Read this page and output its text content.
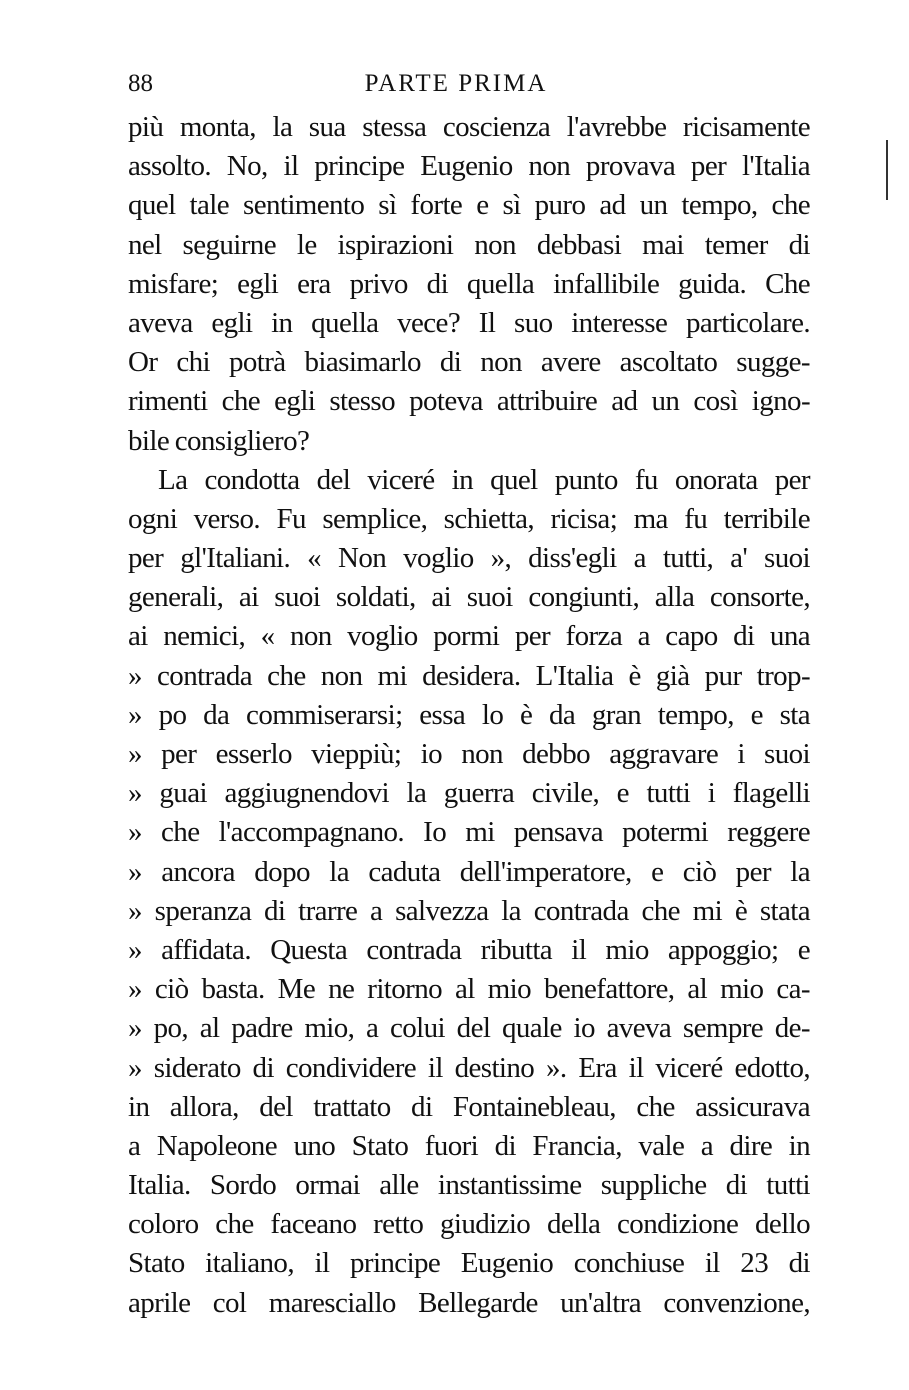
88	PARTE PRIMA
più monta, la sua stessa coscienza l'avrebbe ricisamente
assolto. No, il principe Eugenio non provava per l'Italia
quel tale sentimento sì forte e sì puro ad un tempo, che
nel seguirne le ispirazioni non debbasi mai temer di
misfare; egli era privo di quella infallibile guida. Che
aveva egli in quella vece? Il suo interesse particolare.
Or chi potrà biasimarlo di non avere ascoltato sugge-
rimenti che egli stesso poteva attribuire ad un così igno-
bile consigliero?
La condotta del viceré in quel punto fu onorata per
ogni verso. Fu semplice, schietta, ricisa; ma fu terribile
per gl'Italiani. « Non voglio », diss'egli a tutti, a' suoi
generali, ai suoi soldati, ai suoi congiunti, alla consorte,
ai nemici, « non voglio pormi per forza a capo di una
» contrada che non mi desidera. L'Italia è già pur trop-
» po da commiserarsi; essa lo è da gran tempo, e sta
» per esserlo vieppiù; io non debbo aggravare i suoi
» guai aggiugnendovi la guerra civile, e tutti i flagelli
» che l'accompagnano. Io mi pensava potermi reggere
» ancora dopo la caduta dell'imperatore, e ciò per la
» speranza di trarre a salvezza la contrada che mi è stata
» affidata. Questa contrada ributta il mio appoggio; e
» ciò basta. Me ne ritorno al mio benefattore, al mio ca-
» po, al padre mio, a colui del quale io aveva sempre de-
» siderato di condividere il destino ». Era il viceré edotto,
in allora, del trattato di Fontainebleau, che assicurava
a Napoleone uno Stato fuori di Francia, vale a dire in
Italia. Sordo ormai alle instantissime suppliche di tutti
coloro che faceano retto giudizio della condizione dello
Stato italiano, il principe Eugenio conchiuse il 23 di
aprile col maresciallo Bellegarde un'altra convenzione,
